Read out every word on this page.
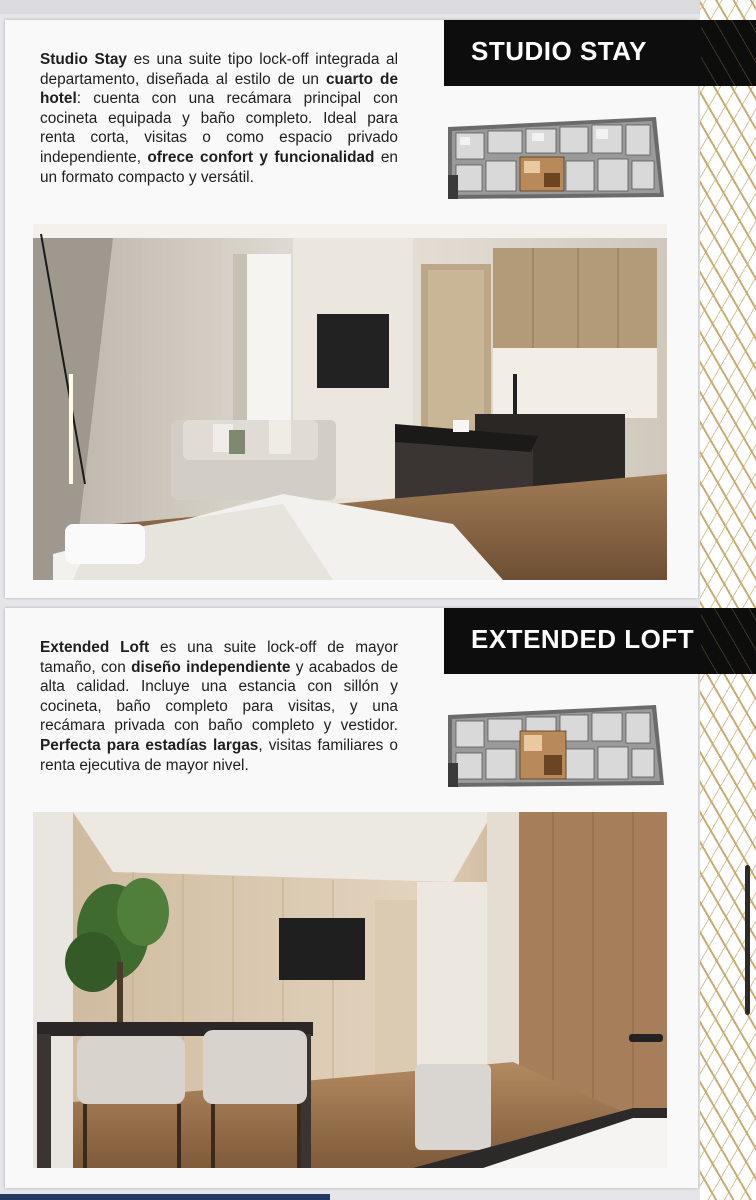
Studio Stay es una suite tipo lock-off integrada al departamento, diseñada al estilo de un cuarto de hotel: cuenta con una recámara principal con cocineta equipada y baño completo. Ideal para renta corta, visitas o como espacio privado independiente, ofrece confort y funcionalidad en un formato compacto y versátil.
STUDIO STAY
Extended Loft es una suite lock-off de mayor tamaño, con diseño independiente y acabados de alta calidad. Incluye una estancia con sillón y cocineta, baño completo para visitas, y una recámara privada con baño completo y vestidor. Perfecta para estadías largas, visitas familiares o renta ejecutiva de mayor nivel.
EXTENDED LOFT
